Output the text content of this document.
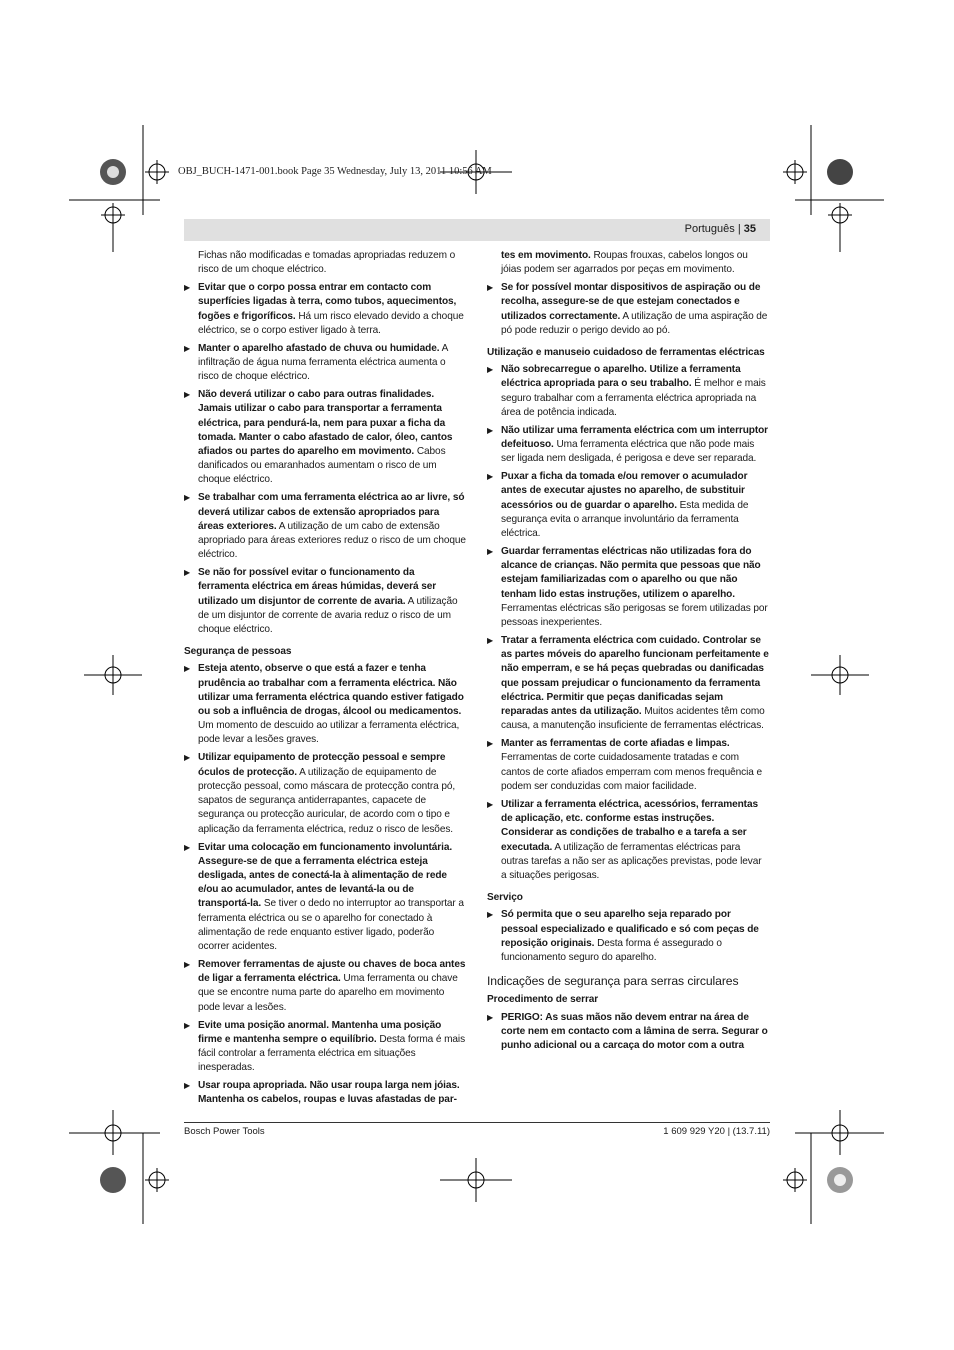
OBJ_BUCH-1471-001.book Page 35 Wednesday, July 13, 2011 10:56 AM
Português | 35

Fichas não modificadas e tomadas apropriadas reduzem o risco de um choque eléctrico.

▶ Evitar que o corpo possa entrar em contacto com superfícies ligadas à terra, como tubos, aquecimentos, fogões e frigoríficos. Há um risco elevado devido a choque eléctrico, se o corpo estiver ligado à terra.
▶ Manter o aparelho afastado de chuva ou humidade. A infiltração de água numa ferramenta eléctrica aumenta o risco de choque eléctrico.
▶ Não deverá utilizar o cabo para outras finalidades. Jamais utilizar o cabo para transportar a ferramenta eléctrica, para pendurá-la, nem para puxar a ficha da tomada. Manter o cabo afastado de calor, óleo, cantos afiados ou partes do aparelho em movimento. Cabos danificados ou emaranhados aumentam o risco de um choque eléctrico.
▶ Se trabalhar com uma ferramenta eléctrica ao ar livre, só deverá utilizar cabos de extensão apropriados para áreas exteriores. A utilização de um cabo de extensão apropriado para áreas exteriores reduz o risco de um choque eléctrico.
▶ Se não for possível evitar o funcionamento da ferramenta eléctrica em áreas húmidas, deverá ser utilizado um disjuntor de corrente de avaria. A utilização de um disjuntor de corrente de avaria reduz o risco de um choque eléctrico.

Segurança de pessoas

▶ Esteja atento, observe o que está a fazer e tenha prudência ao trabalhar com a ferramenta eléctrica. Não utilizar uma ferramenta eléctrica quando estiver fatigado ou sob a influência de drogas, álcool ou medicamentos. Um momento de descuido ao utilizar a ferramenta eléctrica, pode levar a lesões graves.
▶ Utilizar equipamento de protecção pessoal e sempre óculos de protecção. A utilização de equipamento de protecção pessoal, como máscara de protecção contra pó, sapatos de segurança antiderrapantes, capacete de segurança ou protecção auricular, de acordo com o tipo e aplicação da ferramenta eléctrica, reduz o risco de lesões.
▶ Evitar uma colocação em funcionamento involuntária. Assegure-se de que a ferramenta eléctrica esteja desligada, antes de conectá-la à alimentação de rede e/ou ao acumulador, antes de levantá-la ou de transportá-la. Se tiver o dedo no interruptor ao transportar a ferramenta eléctrica ou se o aparelho for conectado à alimentação de rede enquanto estiver ligado, poderão ocorrer acidentes.
▶ Remover ferramentas de ajuste ou chaves de boca antes de ligar a ferramenta eléctrica. Uma ferramenta ou chave que se encontre numa parte do aparelho em movimento pode levar a lesões.
▶ Evite uma posição anormal. Mantenha uma posição firme e mantenha sempre o equilíbrio. Desta forma é mais fácil controlar a ferramenta eléctrica em situações inesperadas.
▶ Usar roupa apropriada. Não usar roupa larga nem jóias. Mantenha os cabelos, roupas e luvas afastadas de par-

tes em movimento. Roupas frouxas, cabelos longos ou jóias podem ser agarrados por peças em movimento.

▶ Se for possível montar dispositivos de aspiração ou de recolha, assegure-se de que estejam conectados e utilizados correctamente. A utilização de uma aspiração de pó pode reduzir o perigo devido ao pó.

Utilização e manuseio cuidadoso de ferramentas eléctricas

▶ Não sobrecarregue o aparelho. Utilize a ferramenta eléctrica apropriada para o seu trabalho. É melhor e mais seguro trabalhar com a ferramenta eléctrica apropriada na área de potência indicada.
▶ Não utilizar uma ferramenta eléctrica com um interruptor defeituoso. Uma ferramenta eléctrica que não pode mais ser ligada nem desligada, é perigosa e deve ser reparada.
▶ Puxar a ficha da tomada e/ou remover o acumulador antes de executar ajustes no aparelho, de substituir acessórios ou de guardar o aparelho. Esta medida de segurança evita o arranque involuntário da ferramenta eléctrica.
▶ Guardar ferramentas eléctricas não utilizadas fora do alcance de crianças. Não permita que pessoas que não estejam familiarizadas com o aparelho ou que não tenham lido estas instruções, utilizem o aparelho. Ferramentas eléctricas são perigosas se forem utilizadas por pessoas inexperientes.
▶ Tratar a ferramenta eléctrica com cuidado. Controlar se as partes móveis do aparelho funcionam perfeitamente e não emperram, e se há peças quebradas ou danificadas que possam prejudicar o funcionamento da ferramenta eléctrica. Permitir que peças danificadas sejam reparadas antes da utilização. Muitos acidentes têm como causa, a manutenção insuficiente de ferramentas eléctricas.
▶ Manter as ferramentas de corte afiadas e limpas. Ferramentas de corte cuidadosamente tratadas e com cantos de corte afiados emperram com menos frequência e podem ser conduzidas com maior facilidade.
▶ Utilizar a ferramenta eléctrica, acessórios, ferramentas de aplicação, etc. conforme estas instruções. Considerar as condições de trabalho e a tarefa a ser executada. A utilização de ferramentas eléctricas para outras tarefas a não ser as aplicações previstas, pode levar a situações perigosas.

Serviço

▶ Só permita que o seu aparelho seja reparado por pessoal especializado e qualificado e só com peças de reposição originais. Desta forma é assegurado o funcionamento seguro do aparelho.

Indicações de segurança para serras circulares

Procedimento de serrar

▶ PERIGO: As suas mãos não devem entrar na área de corte nem em contacto com a lâmina de serra. Segurar o punho adicional ou a carcaça do motor com a outra
Bosch Power Tools	1 609 929 Y20 | (13.7.11)
